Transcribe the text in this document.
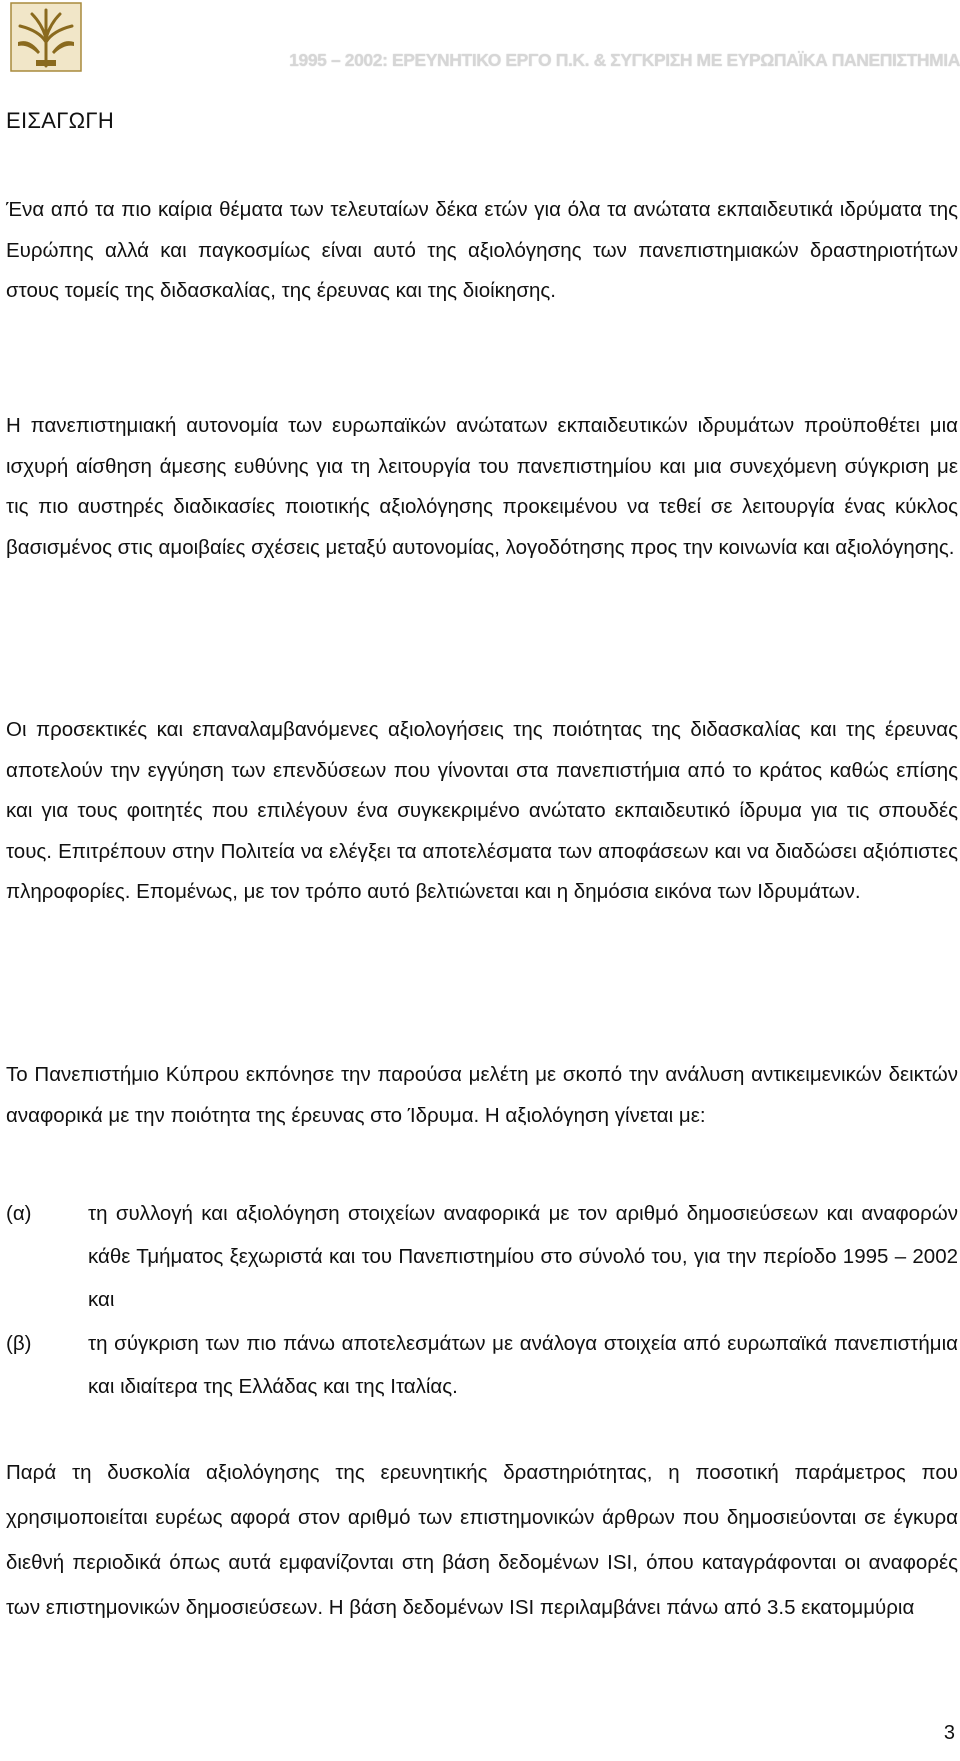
1995 – 2002: ΕΡΕΥΝΗΤΙΚΟ ΕΡΓΟ Π.Κ. & ΣΥΓΚΡΙΣΗ ΜΕ ΕΥΡΩΠΑΪΚΑ ΠΑΝΕΠΙΣΤΗΜΙΑ
ΕΙΣΑΓΩΓΗ

Ένα από τα πιο καίρια θέματα των τελευταίων δέκα ετών για όλα τα ανώτατα εκπαιδευτικά ιδρύματα της Ευρώπης αλλά και παγκοσμίως είναι αυτό της αξιολόγησης των πανεπιστημιακών δραστηριοτήτων στους τομείς της διδασκαλίας, της έρευνας και της διοίκησης.

Η πανεπιστημιακή αυτονομία των ευρωπαϊκών ανώτατων εκπαιδευτικών ιδρυμάτων προϋποθέτει μια ισχυρή αίσθηση άμεσης ευθύνης για τη λειτουργία του πανεπιστημίου και μια συνεχόμενη σύγκριση με τις πιο αυστηρές διαδικασίες ποιοτικής αξιολόγησης προκειμένου να τεθεί σε λειτουργία ένας κύκλος βασισμένος στις αμοιβαίες σχέσεις μεταξύ αυτονομίας, λογοδότησης προς την κοινωνία και αξιολόγησης.

Οι προσεκτικές και επαναλαμβανόμενες αξιολογήσεις της ποιότητας της διδασκαλίας και της έρευνας αποτελούν την εγγύηση των επενδύσεων που γίνονται στα πανεπιστήμια από το κράτος καθώς επίσης και για τους φοιτητές που επιλέγουν ένα συγκεκριμένο ανώτατο εκπαιδευτικό ίδρυμα για τις σπουδές τους. Επιτρέπουν στην Πολιτεία να ελέγξει τα αποτελέσματα των αποφάσεων και να διαδώσει αξιόπιστες πληροφορίες. Επομένως, με τον τρόπο αυτό βελτιώνεται και η δημόσια εικόνα των Ιδρυμάτων.

Το Πανεπιστήμιο Κύπρου εκπόνησε την παρούσα μελέτη με σκοπό την ανάλυση αντικειμενικών δεικτών αναφορικά με την ποιότητα της έρευνας στο Ίδρυμα. Η αξιολόγηση γίνεται με:

(α)	τη συλλογή και αξιολόγηση στοιχείων αναφορικά με τον αριθμό δημοσιεύσεων και αναφορών κάθε Τμήματος ξεχωριστά και του Πανεπιστημίου στο σύνολό του, για την περίοδο 1995 – 2002 και
(β)	τη σύγκριση των πιο πάνω αποτελεσμάτων με ανάλογα στοιχεία από ευρωπαϊκά πανεπιστήμια και ιδιαίτερα της Ελλάδας και της Ιταλίας.

Παρά τη δυσκολία αξιολόγησης της ερευνητικής δραστηριότητας, η ποσοτική παράμετρος που χρησιμοποιείται ευρέως αφορά στον αριθμό των επιστημονικών άρθρων που δημοσιεύονται σε έγκυρα διεθνή περιοδικά όπως αυτά εμφανίζονται στη βάση δεδομένων ISI, όπου καταγράφονται οι αναφορές των επιστημονικών δημοσιεύσεων. Η βάση δεδομένων ISI περιλαμβάνει πάνω από 3.5 εκατομμύρια

3
